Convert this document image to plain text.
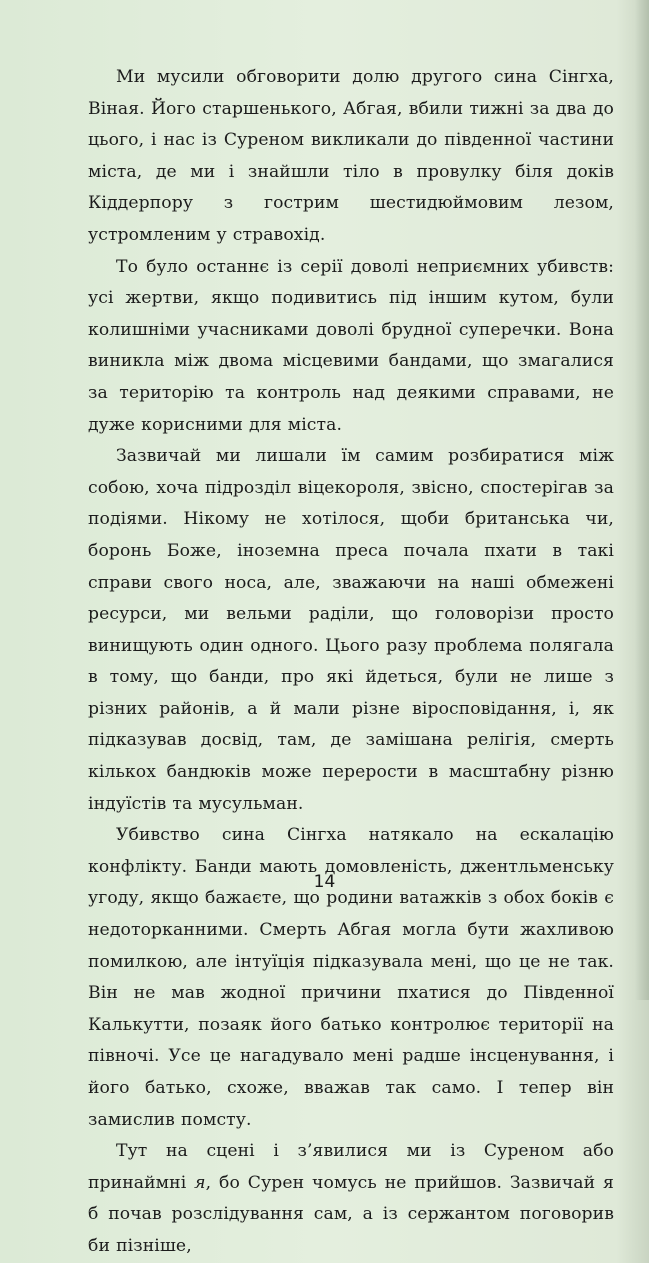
Ми мусили обговорити долю другого сина Сінгха, Віная. Його старшенького, Абгая, вбили тижні за два до цього, і нас із Суреном викликали до південної частини міста, де ми і знайшли тіло в провулку біля доків Кіддерпору з гострим шестидюймовим лезом, устромленим у стравохід.

То було останнє із серії доволі неприємних убивств: усі жертви, якщо подивитись під іншим кутом, були колишніми учасниками доволі брудної суперечки. Вона виникла між двома місцевими бандами, що змагалися за територію та контроль над деякими справами, не дуже корисними для міста.

Зазвичай ми лишали їм самим розбиратися між собою, хоча підрозділ віцекороля, звісно, спостерігав за подіями. Нікому не хотілося, щоби британська чи, боронь Боже, іноземна преса почала пхати в такі справи свого носа, але, зважаючи на наші обмежені ресурси, ми вельми раділи, що головорізи просто винищують один одного. Цього разу проблема полягала в тому, що банди, про які йдеться, були не лише з різних районів, а й мали різне віросповідання, і, як підказував досвід, там, де замішана релігія, смерть кількох бандюків може перерости в масштабну різню індуїстів та мусульман.

Убивство сина Сінгха натякало на ескалацію конфлікту. Банди мають домовленість, джентльменську угоду, якщо бажаєте, що родини ватажків з обох боків є недоторканними. Смерть Абгая могла бути жахливою помилкою, але інтуїція підказувала мені, що це не так. Він не мав жодної причини пхатися до Південної Калькутти, позаяк його батько контролює території на півночі. Усе це нагадувало мені радше інсценування, і його батько, схоже, вважав так само. І тепер він замислив помсту.

Тут на сцені і з’явилися ми із Суреном або принаймні я, бо Сурен чомусь не прийшов. Зазвичай я б почав розслідування сам, а із сержантом поговорив би пізніше,

14
